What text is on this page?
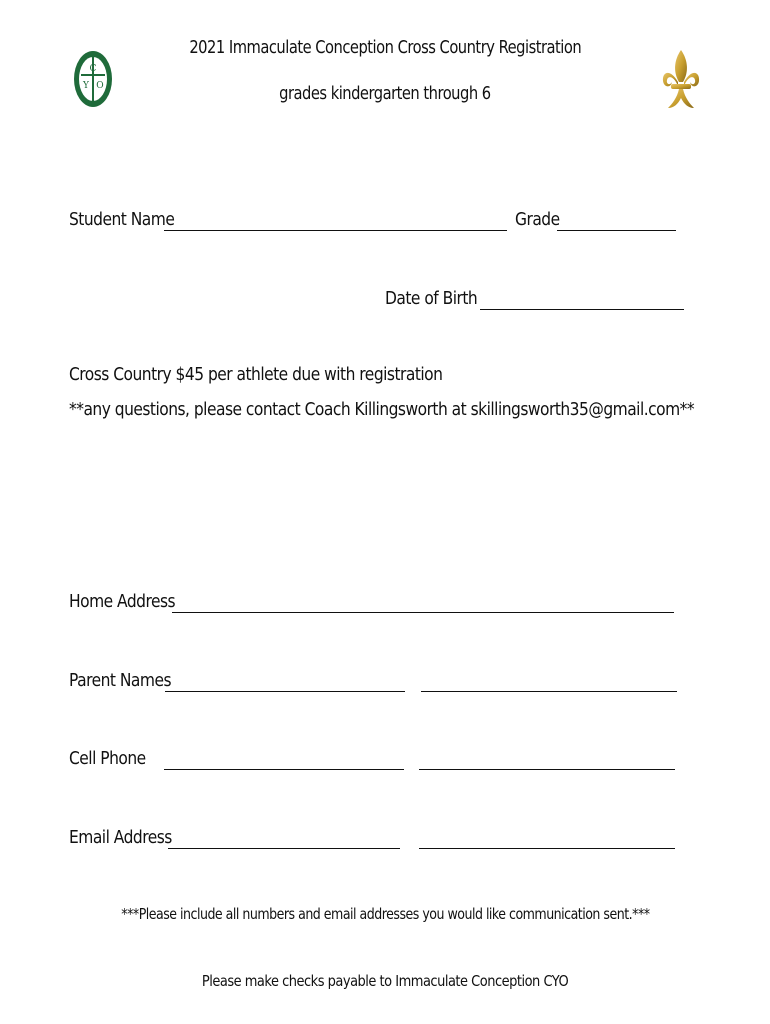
C
Y O
2021 Immaculate Conception Cross Country Registration
grades kindergarten through 6
Student Name	Grade
Date of Birth
Cross Country $45 per athlete due with registration
**any questions, please contact Coach Killingsworth at skillingsworth35@gmail.com**
Home Address
Parent Names
Cell Phone
Email Address
***Please include all numbers and email addresses you would like communication sent.***
Please make checks payable to Immaculate Conception CYO
